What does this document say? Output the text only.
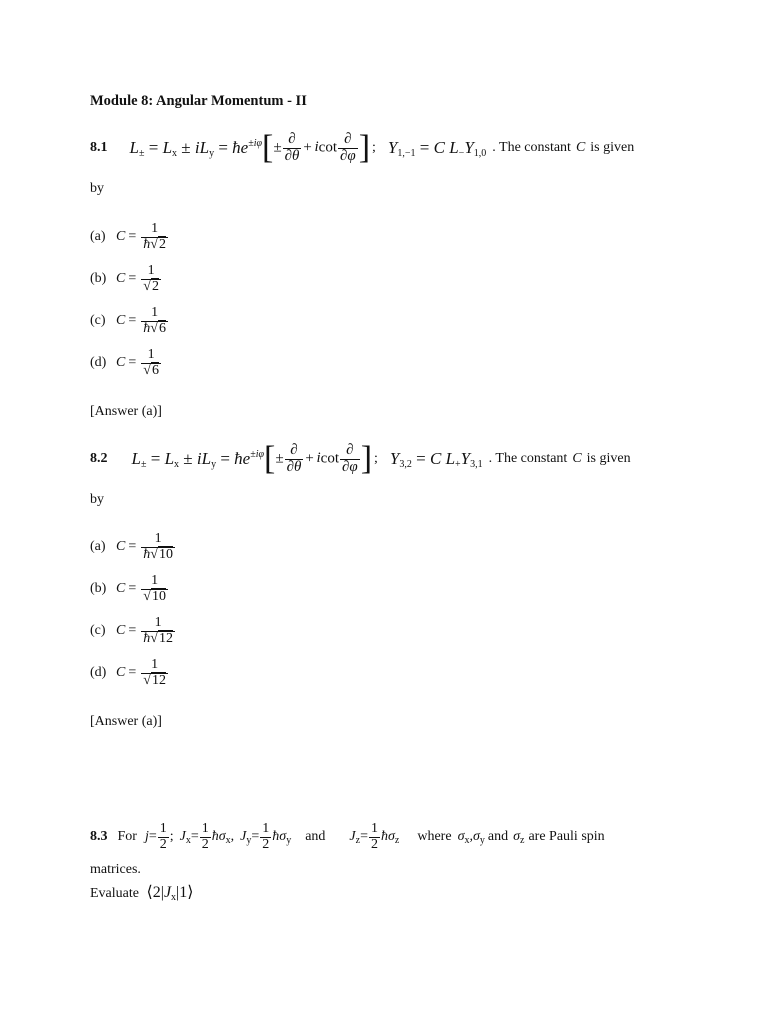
Module 8: Angular Momentum - II
8.1 $L_\pm = L_x \pm iL_y$ = $ħe^{\pm i\varphi}$ [ ± $\frac{\partial}{\partial\theta} + icot \frac{\partial}{\partial\varphi}$ ] ; $Y_{1,-1} = C$ $L_-Y_{1,0}$ . The constant C is given
by
(a) $C = \frac{1}{ħ√2}$
(b) $C = \frac{1}{√2}$
(c) $C = \frac{1}{ħ√6}$
(d) $C = \frac{1}{√6}$
[Answer (a)]
8.2 $L_\pm = L_x \pm iL_y$ = $ħe^{\pm i\varphi}$ [ ± $\frac{\partial}{\partial\theta} + icot \frac{\partial}{\partial\varphi}$ ] ; $Y_{3,2} = C$ $L_+Y_{3,1}$ . The constant C is given
by
(a) $C = \frac{1}{ħ√10}$
(b) $C = \frac{1}{√10}$
(c) $C = \frac{1}{ħ√12}$
(d) $C = \frac{1}{√12}$
[Answer (a)]
8.3 For $j = \frac{1}{2}$ ; $J_x = \frac{1}{2}$ $ħ\sigma_x$ , $J_y = \frac{1}{2}$ $ħ\sigma_y$ and $J_z = \frac{1}{2}$ $ħ\sigma_z$ where $\sigma_x,\sigma_y$ and $\sigma_z$ are Pauli spin
matrices.
Evaluate $⟨2|J_x|1⟩$
